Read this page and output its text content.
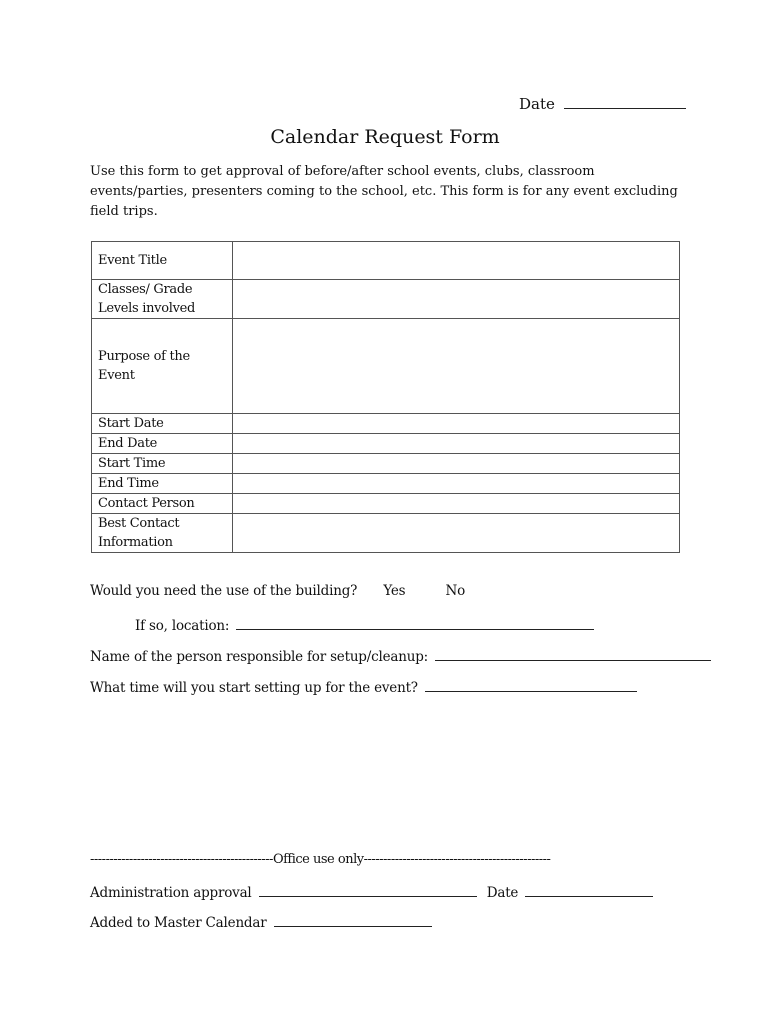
Date
Calendar Request Form
Use this form to get approval of before/after school events, clubs, classroom events/parties, presenters coming to the school, etc. This form is for any event excluding field trips.
Event Title	
Classes/ Grade Levels involved	
Purpose of the Event	
Start Date	
End Date	
Start Time	
End Time	
Contact Person	
Best Contact Information	
Would you need the use of the building? Yes	No
If so, location:
Name of the person responsible for setup/cleanup:
What time will you start setting up for the event?
-----------------------------------------------Office use only------------------------------------------------
Administration approval	Date
Added to Master Calendar
